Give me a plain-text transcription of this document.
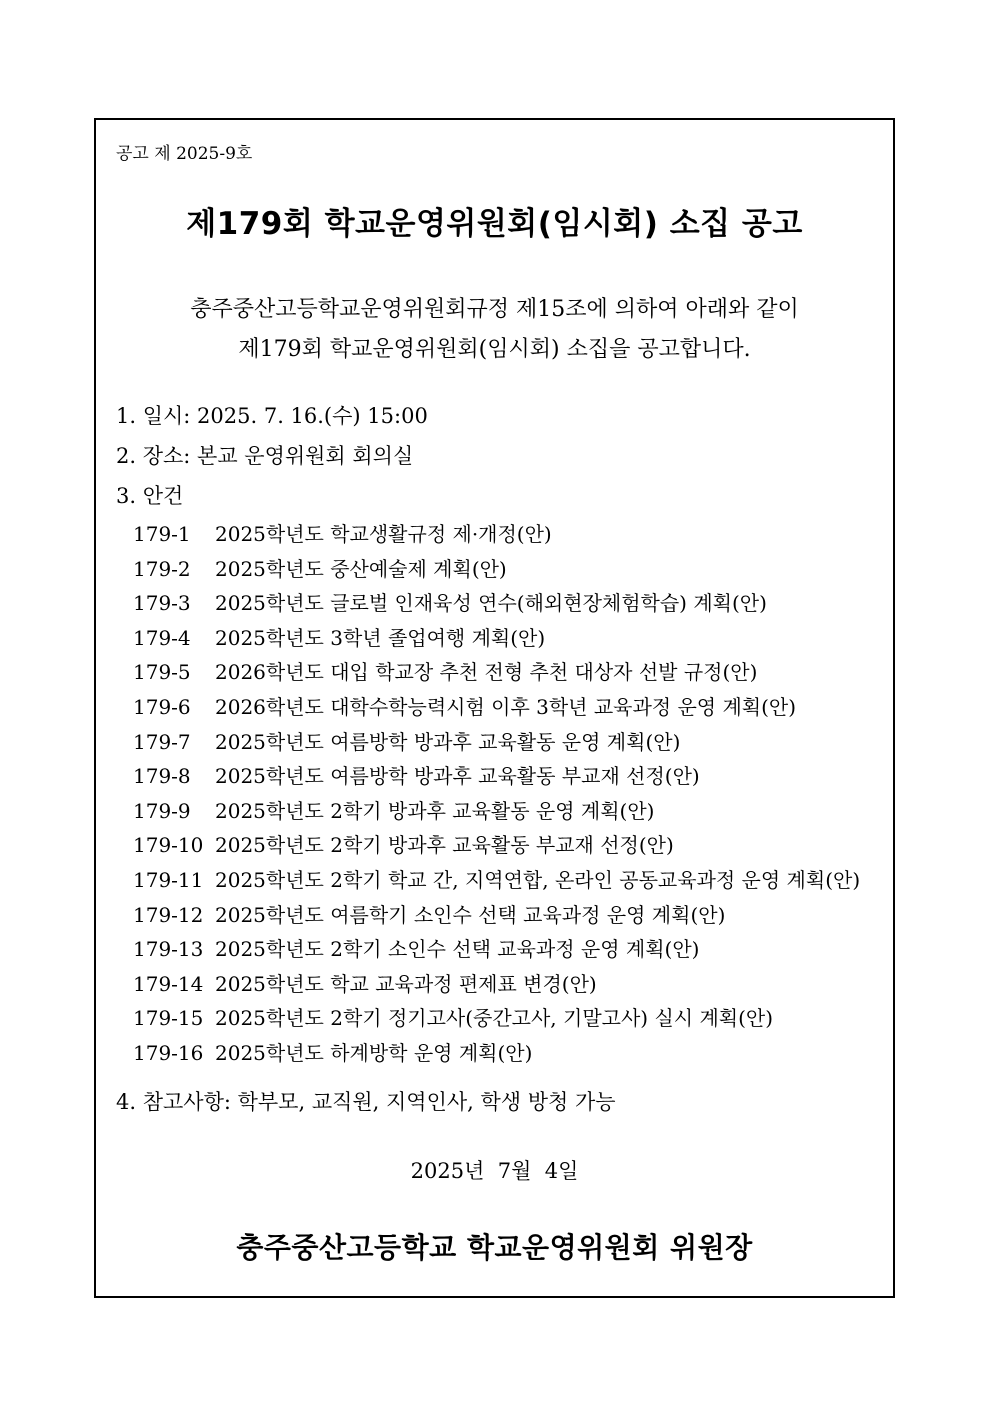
공고 제 2025-9호
제179회 학교운영위원회(임시회) 소집 공고
충주중산고등학교운영위원회규정 제15조에 의하여 아래와 같이
제179회 학교운영위원회(임시회) 소집을 공고합니다.
1. 일시: 2025. 7. 16.(수) 15:00
2. 장소: 본교 운영위원회 회의실
3. 안건
179-1	2025학년도 학교생활규정 제·개정(안)
179-2	2025학년도 중산예술제 계획(안)
179-3	2025학년도 글로벌 인재육성 연수(해외현장체험학습) 계획(안)
179-4	2025학년도 3학년 졸업여행 계획(안)
179-5	2026학년도 대입 학교장 추천 전형 추천 대상자 선발 규정(안)
179-6	2026학년도 대학수학능력시험 이후 3학년 교육과정 운영 계획(안)
179-7	2025학년도 여름방학 방과후 교육활동 운영 계획(안)
179-8	2025학년도 여름방학 방과후 교육활동 부교재 선정(안)
179-9	2025학년도 2학기 방과후 교육활동 운영 계획(안)
179-10 2025학년도 2학기 방과후 교육활동 부교재 선정(안)
179-11 2025학년도 2학기 학교 간, 지역연합, 온라인 공동교육과정 운영 계획(안)
179-12 2025학년도 여름학기 소인수 선택 교육과정 운영 계획(안)
179-13 2025학년도 2학기 소인수 선택 교육과정 운영 계획(안)
179-14 2025학년도 학교 교육과정 편제표 변경(안)
179-15 2025학년도 2학기 정기고사(중간고사, 기말고사) 실시 계획(안)
179-16 2025학년도 하계방학 운영 계획(안)
4. 참고사항: 학부모, 교직원, 지역인사, 학생 방청 가능
2025년  7월  4일
충주중산고등학교 학교운영위원회 위원장
